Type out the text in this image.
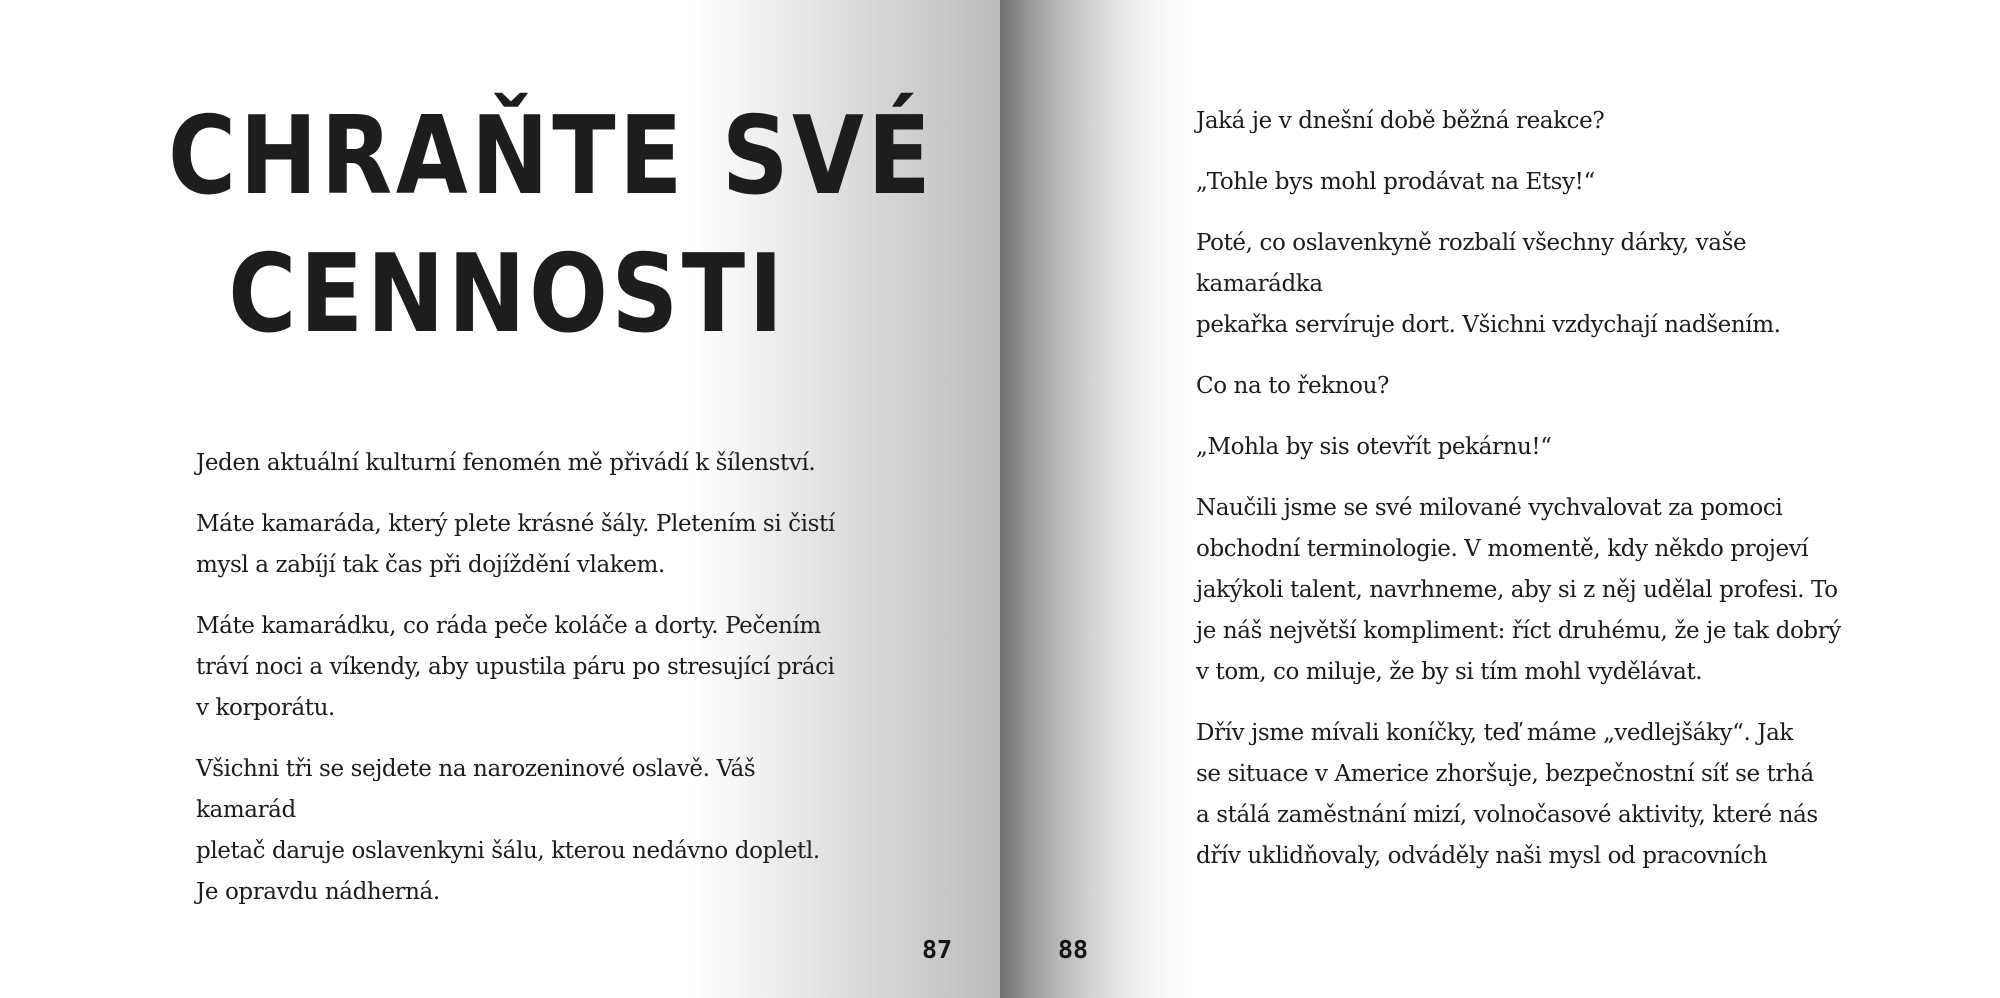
CHRAŇTE SVÉ
CENNOSTI

Jeden aktuální kulturní fenomén mě přivádí k šílenství.

Máte kamaráda, který plete krásné šály. Pletením si čistí
mysl a zabíjí tak čas při dojíždění vlakem.

Máte kamarádku, co ráda peče koláče a dorty. Pečením
tráví noci a víkendy, aby upustila páru po stresující práci
v korporátu.

Všichni tři se sejdete na narozeninové oslavě. Váš kamarád
pletač daruje oslavenkyni šálu, kterou nedávno dopletl.
Je opravdu nádherná.

87

Jaká je v dnešní době běžná reakce?

„Tohle bys mohl prodávat na Etsy!“

Poté, co oslavenkyně rozbalí všechny dárky, vaše kamarádka
pekařka servíruje dort. Všichni vzdychají nadšením.

Co na to řeknou?

„Mohla by sis otevřít pekárnu!“

Naučili jsme se své milované vychvalovat za pomoci
obchodní terminologie. V momentě, kdy někdo projeví
jakýkoli talent, navrhneme, aby si z něj udělal profesi. To
je náš největší kompliment: říct druhému, že je tak dobrý
v tom, co miluje, že by si tím mohl vydělávat.

Dřív jsme mívali koníčky, teď máme „vedlejšáky“. Jak
se situace v Americe zhoršuje, bezpečnostní síť se trhá
a stálá zaměstnání mizí, volnočasové aktivity, které nás
dřív uklidňovaly, odváděly naši mysl od pracovních

88
